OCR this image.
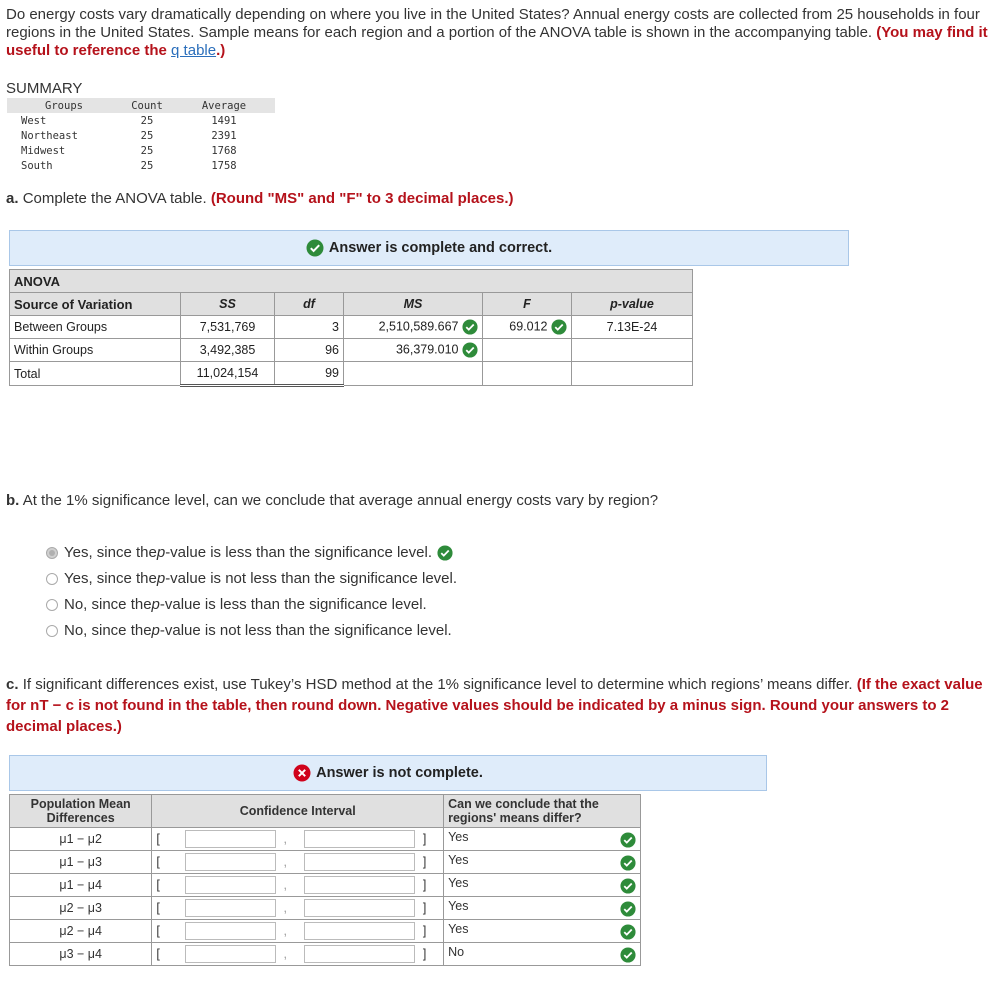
Do energy costs vary dramatically depending on where you live in the United States? Annual energy costs are collected from 25 households in four regions in the United States. Sample means for each region and a portion of the ANOVA table is shown in the accompanying table. (You may find it useful to reference the q table.)
SUMMARY
Groups	Count	Average
West	25	1491
Northeast	25	2391
Midwest	25	1768
South	25	1758
a. Complete the ANOVA table. (Round "MS" and "F" to 3 decimal places.)
Answer is complete and correct.
ANOVA					
Source of Variation	SS	df	MS	F	p-value
Between Groups	7,531,769	3	2,510,589.667	69.012	7.13E-24
Within Groups	3,492,385	96	36,379.010		
Total	11,024,154	99			
b. At the 1% significance level, can we conclude that average annual energy costs vary by region?
Yes, since the p -value is less than the significance level.
Yes, since the p -value is not less than the significance level.
No, since the p -value is less than the significance level.
No, since the p -value is not less than the significance level.
c. If significant differences exist, use Tukey’s HSD method at the 1% significance level to determine which regions’ means differ. (If the exact value for nT − c is not found in the table, then round down. Negative values should be indicated by a minus sign. Round your answers to 2 decimal places.)
Answer is not complete.
Population Mean Differences	Confidence Interval					Can we conclude that the regions' means differ?
μ1 − μ2	[		,		]	Yes

μ1 − μ3	[		,		]	Yes

μ1 − μ4	[		,		]	Yes

μ2 − μ3	[		,		]	Yes

μ2 − μ4	[		,		]	Yes

μ3 − μ4	[		,		]	No
